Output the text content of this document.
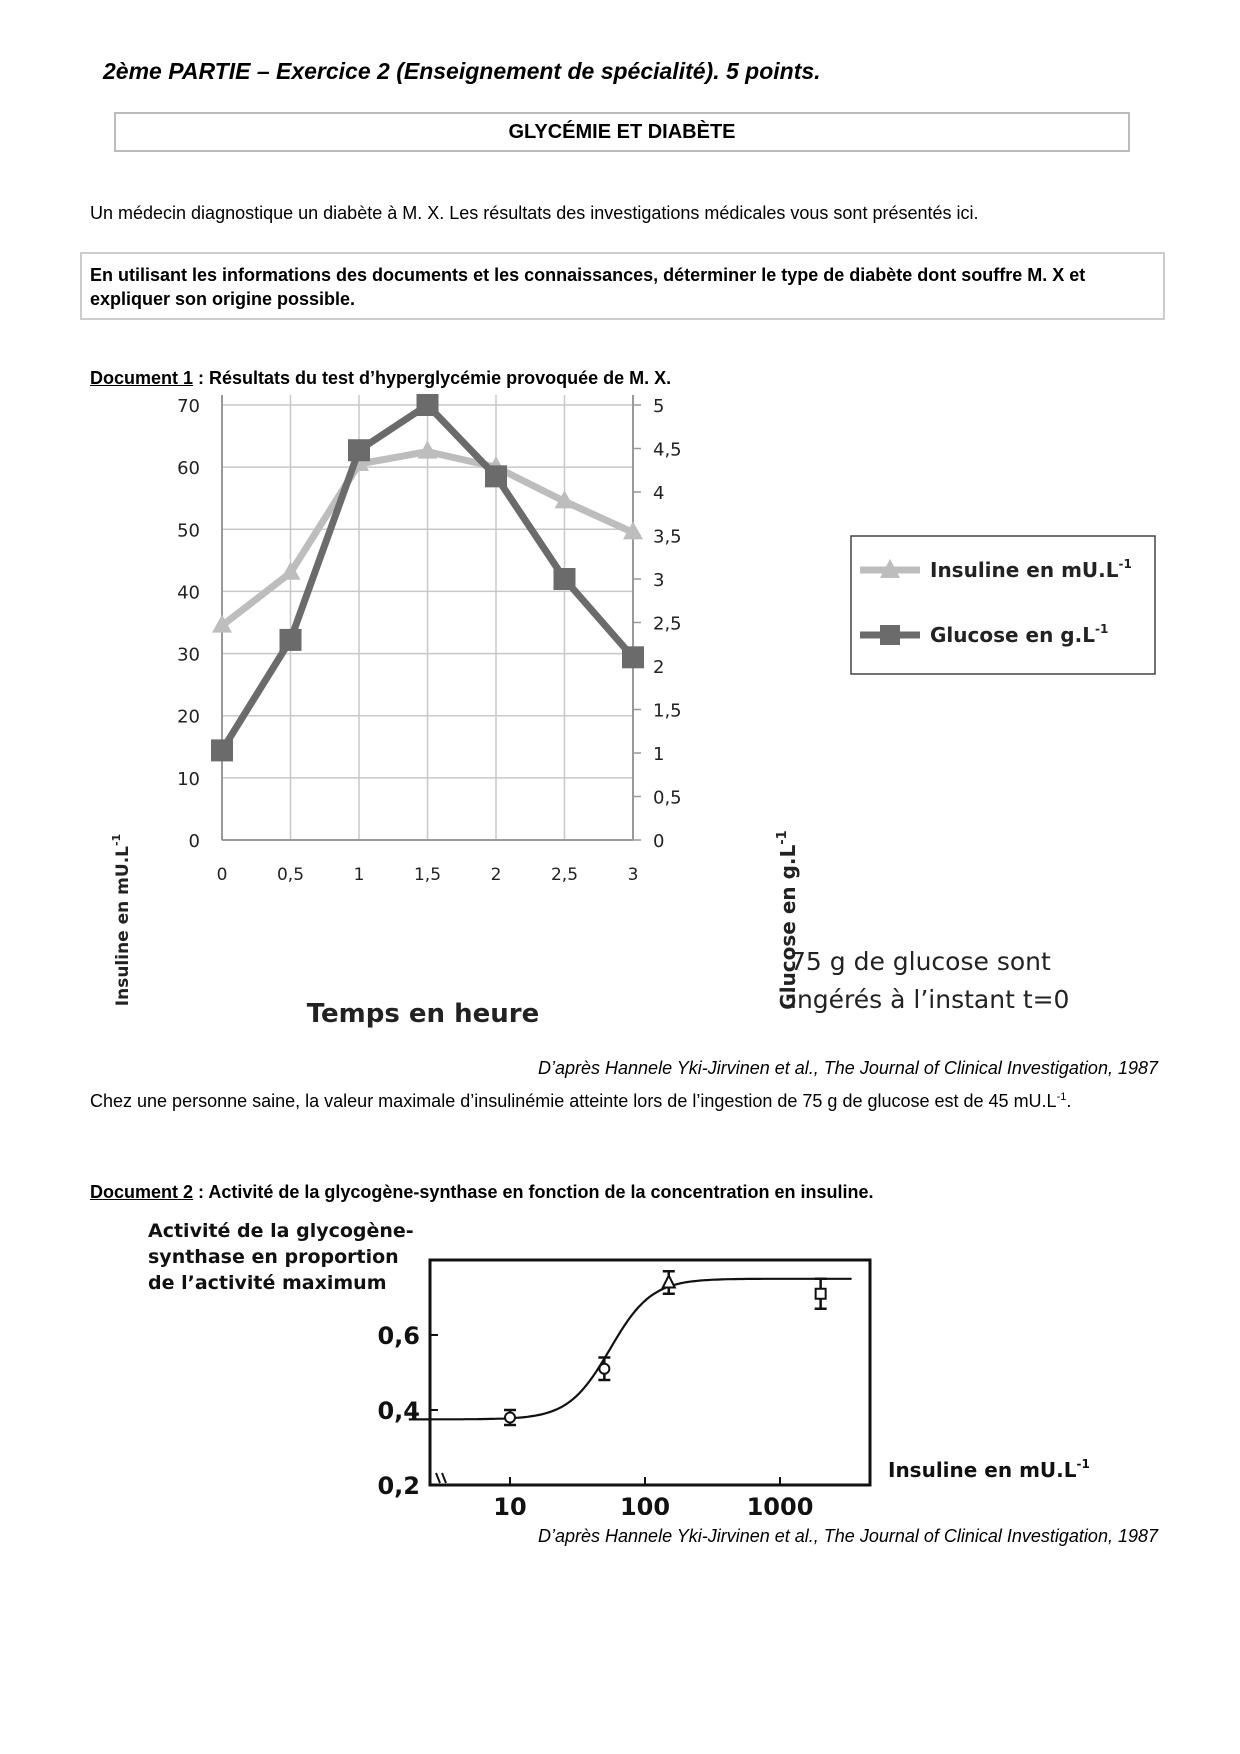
2ème PARTIE – Exercice 2 (Enseignement de spécialité). 5 points.
GLYCÉMIE ET DIABÈTE
Un médecin diagnostique un diabète à M. X. Les résultats des investigations médicales vous sont présentés ici.
En utilisant les informations des documents et les connaissances, déterminer le type de diabète dont souffre M. X et expliquer son origine possible.
Document 1 : Résultats du test d’hyperglycémie provoquée de M. X.
0
10
20
30
40
50
60
70
0	0,5	1	1,5	2	2,5	3
0
0,5
1
1,5
2
2,5
3
3,5
4
4,5
5
Temps en heure
Insuline en $mU.L^{-1}$
Glucose en $g.L^{-1}$
Insuline en $mU.L^{-1}$
Glucose en $g.L^{-1}$
75 g de glucose sont
ingérés à l’instant t=0
D’après Hannele Yki-Jirvinen et al., The Journal of Clinical Investigation, 1987
Chez une personne saine, la valeur maximale d’insulinémie atteinte lors de l’ingestion de 75 g de glucose est de 45 $mU.L^{-1}$.
Document 2 : Activité de la glycogène-synthase en fonction de la concentration en insuline.
Activité de la glycogène-
synthase en proportion
de l’activité maximum
0,2
0,4
0,6
10	100	1000
Insuline en $mU.L^{-1}$
D’après Hannele Yki-Jirvinen et al., The Journal of Clinical Investigation, 1987
